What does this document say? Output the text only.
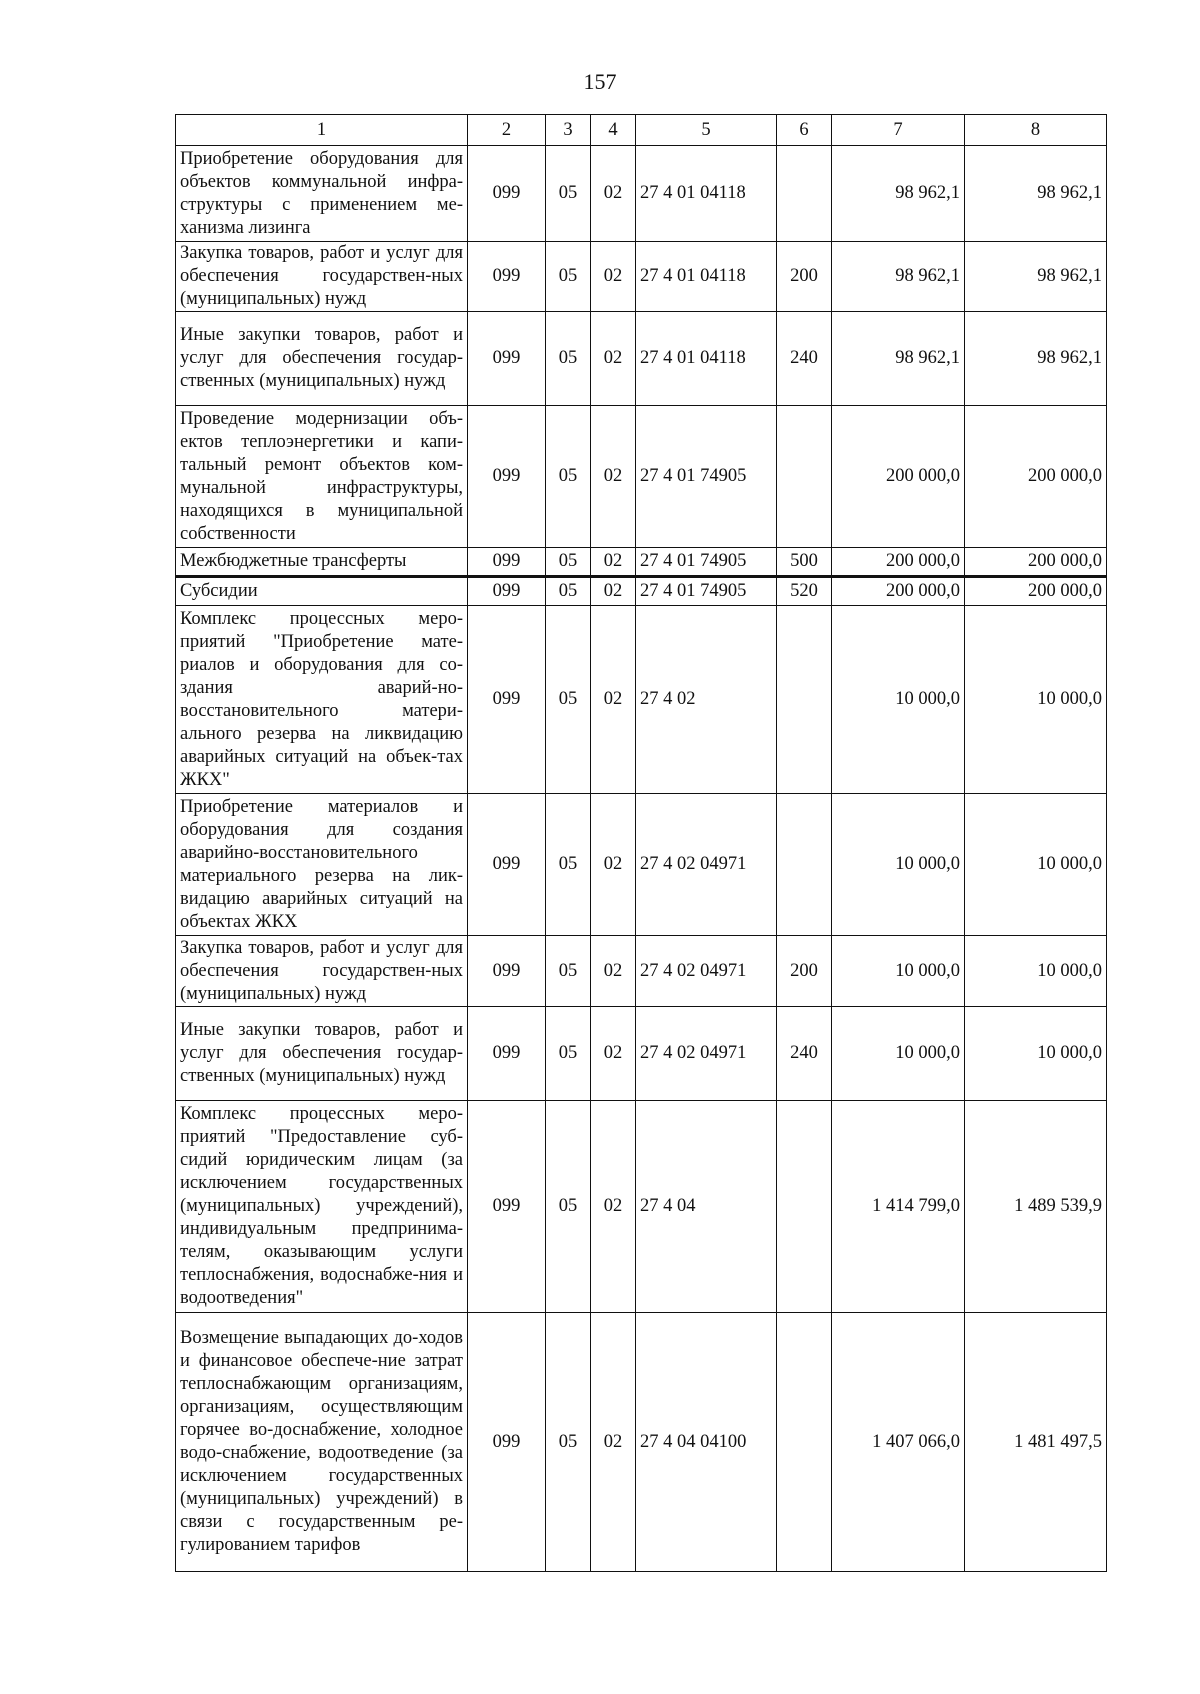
157
1	2	3	4	5	6	7	8
Приобретение оборудования для объектов коммунальной инфра-структуры с применением ме-ханизма лизинга	099	05	02	27 4 01 04118		98 962,1	98 962,1
Закупка товаров, работ и услуг для обеспечения государствен-ных (муниципальных) нужд	099	05	02	27 4 01 04118	200	98 962,1	98 962,1
Иные закупки товаров, работ и услуг для обеспечения государ-ственных (муниципальных) нужд	099	05	02	27 4 01 04118	240	98 962,1	98 962,1
Проведение модернизации объ-ектов теплоэнергетики и капи-тальный ремонт объектов ком-мунальной инфраструктуры, находящихся в муниципальной собственности	099	05	02	27 4 01 74905		200 000,0	200 000,0
Межбюджетные трансферты	099	05	02	27 4 01 74905	500	200 000,0	200 000,0
Субсидии	099	05	02	27 4 01 74905	520	200 000,0	200 000,0
Комплекс процессных меро-приятий "Приобретение мате-риалов и оборудования для со-здания аварий-но-восстановительного матери-ального резерва на ликвидацию аварийных ситуаций на объек-тах ЖКХ"	099	05	02	27 4 02		10 000,0	10 000,0
Приобретение материалов и оборудования для создания аварийно-восстановительного материального резерва на лик-видацию аварийных ситуаций на объектах ЖКХ	099	05	02	27 4 02 04971		10 000,0	10 000,0
Закупка товаров, работ и услуг для обеспечения государствен-ных (муниципальных) нужд	099	05	02	27 4 02 04971	200	10 000,0	10 000,0
Иные закупки товаров, работ и услуг для обеспечения государ-ственных (муниципальных) нужд	099	05	02	27 4 02 04971	240	10 000,0	10 000,0
Комплекс процессных меро-приятий "Предоставление суб-сидий юридическим лицам (за исключением государственных (муниципальных) учреждений), индивидуальным предпринима-телям, оказывающим услуги теплоснабжения, водоснабже-ния и водоотведения"	099	05	02	27 4 04		1 414 799,0	1 489 539,9
Возмещение выпадающих до-ходов и финансовое обеспече-ние затрат теплоснабжающим организациям, организациям, осуществляющим горячее во-доснабжение, холодное водо-снабжение, водоотведение (за исключением государственных (муниципальных) учреждений) в связи с государственным ре-гулированием тарифов	099	05	02	27 4 04 04100		1 407 066,0	1 481 497,5
